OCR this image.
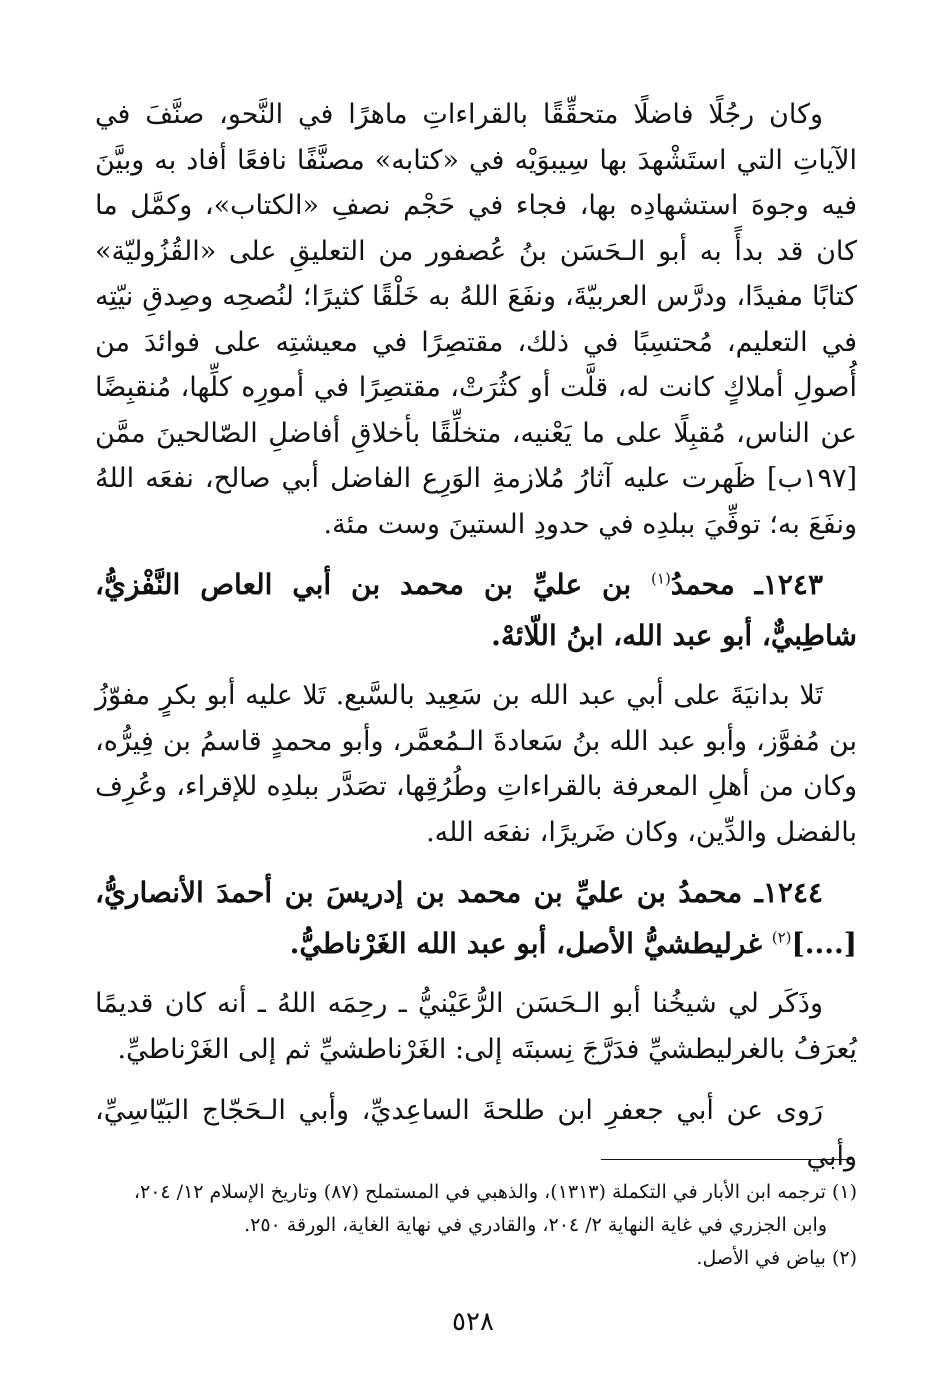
وكان رجُلًا فاضلًا متحقِّقًا بالقراءاتِ ماهرًا في النَّحو، صنَّفَ في الآياتِ التي استَشْهدَ بها سِيبوَيْه في «كتابه» مصنَّفًا نافعًا أفاد به وبيَّنَ فيه وجوهَ استشهادِه بها، فجاء في حَجْم نصفِ «الكتاب»، وكمَّل ما كان قد بدأً به أبو الـحَسَن بنُ عُصفور من التعليقِ على «القُزُوليّة» كتابًا مفيدًا، ودرَّس العربيّةَ، ونفَعَ اللهُ به خَلْقًا كثيرًا؛ لنُصحِه وصِدقِ نيّتِه في التعليم، مُحتسِبًا في ذلك، مقتصِرًا في معيشتِه على فوائدَ من أُصولِ أملاكٍ كانت له، قلَّت أو كثُرَتْ، مقتصِرًا في أمورِه كلِّها، مُنقبِضًا عن الناس، مُقبِلًا على ما يَعْنيه، متخلِّقًا بأخلاقِ أفاضلِ الصّالحينَ ممَّن [١٩٧ب] ظَهرت عليه آثارُ مُلازمةِ الوَرِع الفاضل أبي صالح، نفعَه اللهُ ونفَعَ به؛ توفِّيَ ببلدِه في حدودِ الستينَ وست مئة.

١٢٤٣ـ محمدُ$^{(١)}$ بن عليِّ بن محمد بن أبي العاص النَّفْزيُّ، شاطِبيٌّ، أبو عبد الله، ابنُ اللّائهْ.

تَلا بدانيَةَ على أبي عبد الله بن سَعِيد بالسَّبع. تَلا عليه أبو بكرٍ مفوّزُ بن مُفوَّز، وأبو عبد الله بنُ سَعادةَ الـمُعمَّر، وأبو محمدٍ قاسمُ بن فِيرُّه، وكان من أهلِ المعرفة بالقراءاتِ وطُرُقِها، تصَدَّر ببلدِه للإقراء، وعُرِف بالفضل والدِّين، وكان ضَريرًا، نفعَه الله.

١٢٤٤ـ محمدُ بن عليِّ بن محمد بن إدريسَ بن أحمدَ الأنصاريُّ، [....]$^{(٢)}$ غرليطشيُّ الأصل، أبو عبد الله الغَرْناطيُّ.

وذَكَر لي شيخُنا أبو الـحَسَن الرُّعَيْنيُّ ـ رحِمَه اللهُ ـ أنه كان قديمًا يُعرَفُ بالغرليطشيِّ فدَرَّجَ نِسبتَه إلى: الغَرْناطشيِّ ثم إلى الغَرْناطيِّ.

رَوى عن أبي جعفرِ ابن طلحةَ الساعِديِّ، وأبي الـحَجّاج البَيّاسِيِّ، وأبي

(١) ترجمه ابن الأبار في التكملة (١٣١٣)، والذهبي في المستملح (٨٧) وتاريخ الإسلام ١٢/ ٢٠٤،
وابن الجزري في غاية النهاية ٢/ ٢٠٤، والقادري في نهاية الغاية، الورقة ٢٥٠.

(٢) بياض في الأصل.

٥٢٨
